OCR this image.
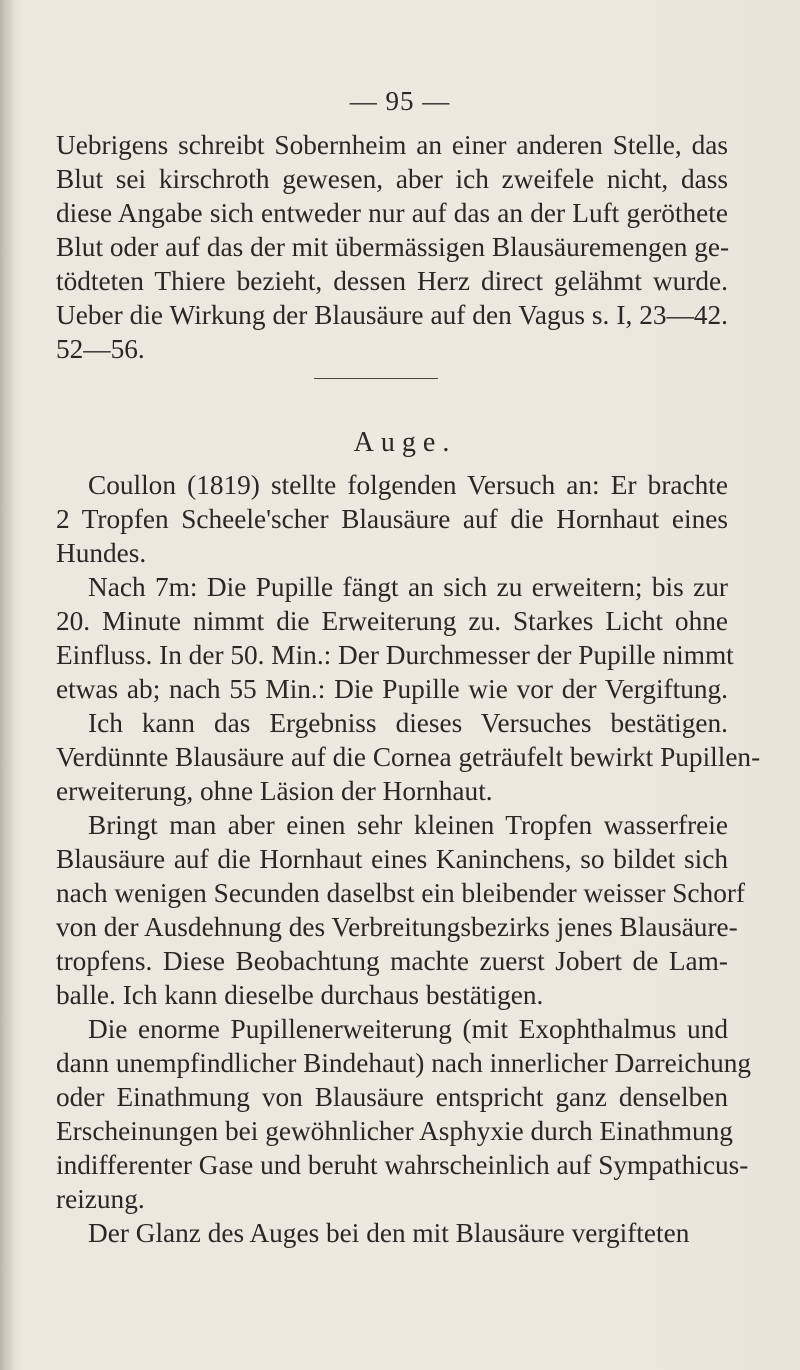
— 95 —
Uebrigens schreibt Sobernheim an einer anderen Stelle, das
Blut sei kirschroth gewesen, aber ich zweifele nicht, dass
diese Angabe sich entweder nur auf das an der Luft geröthete
Blut oder auf das der mit übermässigen Blausäuremengen ge-
tödteten Thiere bezieht, dessen Herz direct gelähmt wurde.
Ueber die Wirkung der Blausäure auf den Vagus s. I, 23—42.
52—56.
Auge.
Coullon (1819) stellte folgenden Versuch an: Er brachte
2 Tropfen Scheele'scher Blausäure auf die Hornhaut eines
Hundes.
Nach 7m: Die Pupille fängt an sich zu erweitern; bis zur
20. Minute nimmt die Erweiterung zu. Starkes Licht ohne
Einfluss. In der 50. Min.: Der Durchmesser der Pupille nimmt
etwas ab; nach 55 Min.: Die Pupille wie vor der Vergiftung.
Ich kann das Ergebniss dieses Versuches bestätigen.
Verdünnte Blausäure auf die Cornea geträufelt bewirkt Pupillen-
erweiterung, ohne Läsion der Hornhaut.
Bringt man aber einen sehr kleinen Tropfen wasserfreie
Blausäure auf die Hornhaut eines Kaninchens, so bildet sich
nach wenigen Secunden daselbst ein bleibender weisser Schorf
von der Ausdehnung des Verbreitungsbezirks jenes Blausäure-
tropfens. Diese Beobachtung machte zuerst Jobert de Lam-
balle. Ich kann dieselbe durchaus bestätigen.
Die enorme Pupillenerweiterung (mit Exophthalmus und
dann unempfindlicher Bindehaut) nach innerlicher Darreichung
oder Einathmung von Blausäure entspricht ganz denselben
Erscheinungen bei gewöhnlicher Asphyxie durch Einathmung
indifferenter Gase und beruht wahrscheinlich auf Sympathicus-
reizung.
Der Glanz des Auges bei den mit Blausäure vergifteten
